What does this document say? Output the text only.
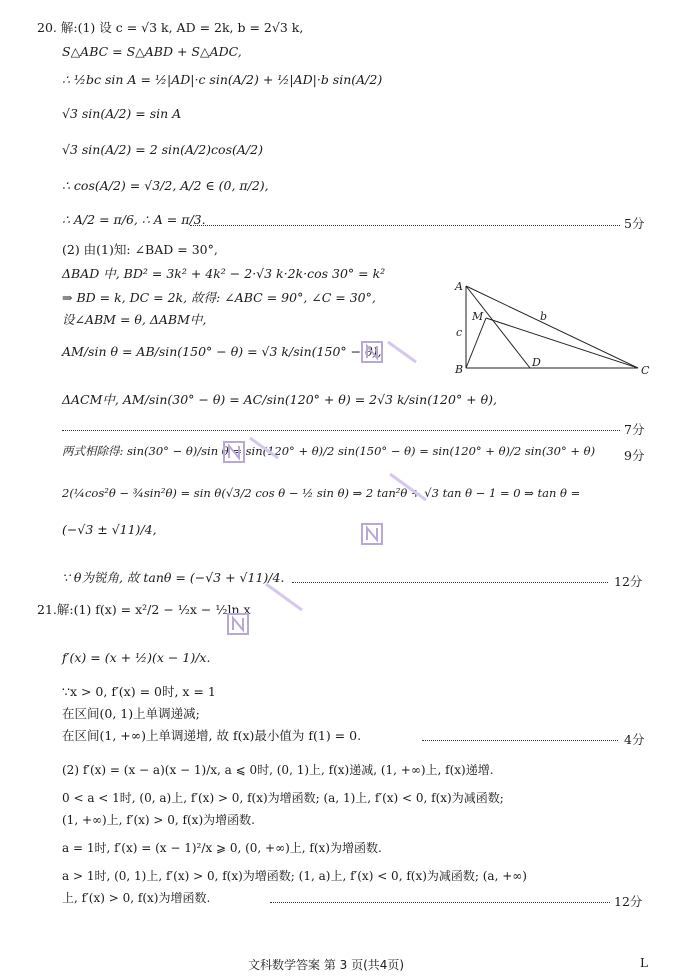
20. 解:(1) 设 c = √3 k, AD = 2k, b = 2√3 k,
S△ABC = S△ABD + S△ADC,
∴ ½bc sin A = ½|AD|·c sin(A/2) + ½|AD|·b sin(A/2)
√3 sin(A/2) = sin A
√3 sin(A/2) = 2 sin(A/2)cos(A/2)
∴ cos(A/2) = √3/2, A/2 ∈ (0, π/2),
∴ A/2 = π/6, ∴ A = π/3.	5分
(2) 由(1)知: ∠BAD = 30°,
ΔBAD 中, BD² = 3k² + 4k² − 2·√3 k·2k·cos 30° = k²
⇒ BD = k, DC = 2k, 故得: ∠ABC = 90°, ∠C = 30°,
设∠ABM = θ, ΔABM中,
AM/sin θ = AB/sin(150° − θ) = √3 k/sin(150° − θ),
ΔACM中, AM/sin(30° − θ) = AC/sin(120° + θ) = 2√3 k/sin(120° + θ),
7分
两式相除得: sin(30° − θ)/sin θ = sin(120° + θ)/2 sin(150° − θ) = sin(120° + θ)/2 sin(30° + θ) 9分
2(¼cos²θ − ¾sin²θ) = sin θ(√3/2 cos θ − ½ sin θ) ⇒ 2 tan²θ + √3 tan θ − 1 = 0 ⇒ tan θ =
(−√3 ± √11)/4,
∵ θ为锐角, 故 tanθ = (−√3 + √11)/4.	12分
A
B	C
D
M	b
c
21.解:(1) f(x) = x²/2 − ½x − ½ln x
f′(x) = (x + ½)(x − 1)/x.
∵x > 0, f′(x) = 0时, x = 1
在区间(0, 1)上单调递减;
在区间(1, +∞)上单调递增, 故 f(x)最小值为 f(1) = 0.	4分
(2) f′(x) = (x − a)(x − 1)/x, a ⩽ 0时, (0, 1)上, f(x)递减, (1, +∞)上, f(x)递增.
0 < a < 1时, (0, a)上, f′(x) > 0, f(x)为增函数; (a, 1)上, f′(x) < 0, f(x)为减函数;
(1, +∞)上, f′(x) > 0, f(x)为增函数.
a = 1时, f′(x) = (x − 1)²/x ⩾ 0, (0, +∞)上, f(x)为增函数.
a > 1时, (0, 1)上, f′(x) > 0, f(x)为增函数; (1, a)上, f′(x) < 0, f(x)为减函数; (a, +∞)
上, f′(x) > 0, f(x)为增函数.	12分
文科数学答案 第 3 页(共4页)	L
